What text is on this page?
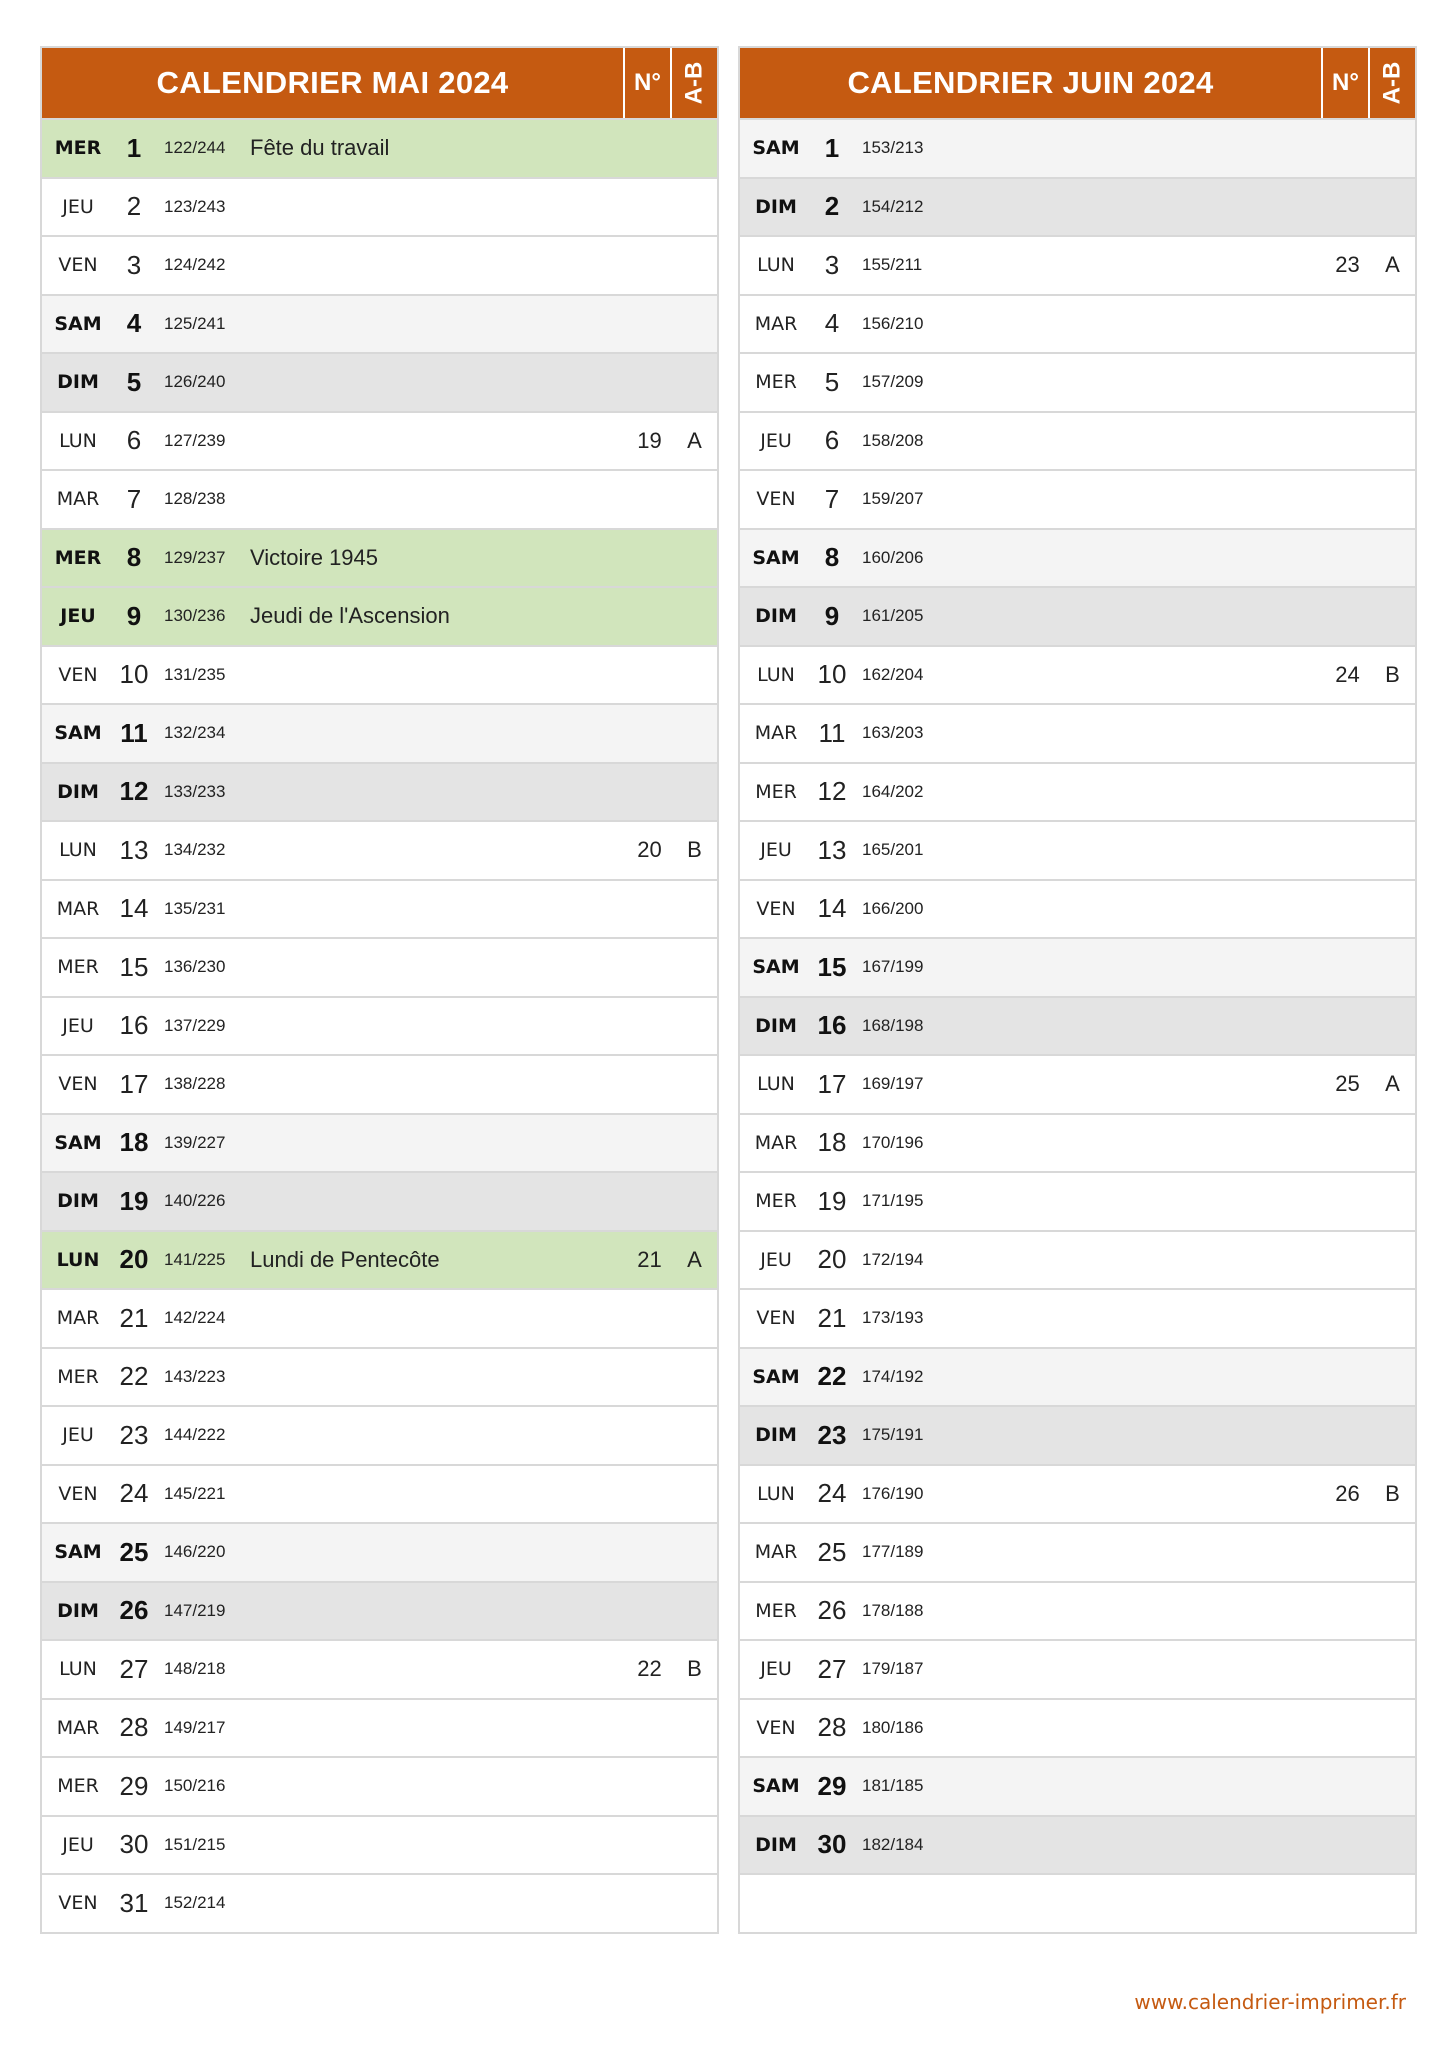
CALENDRIER MAI 2024	N° A-B
MER 1	122/244	Fête du travail
JEU	2	123/243
VEN	3	124/242
SAM 4	125/241
DIM	5	126/240
LUN	6	127/239	19	A
MAR	7	128/238
MER 8	129/237	Victoire 1945
JEU	9	130/236	Jeudi de l'Ascension
VEN 10 131/235
SAM 11 132/234
DIM 12 133/233
LUN 13 134/232	20	B
MAR 14 135/231
MER 15 136/230
JEU 16 137/229
VEN 17 138/228
SAM 18 139/227
DIM 19 140/226
LUN 20 141/225	Lundi de Pentecôte	21	A
MAR 21 142/224
MER 22 143/223
JEU 23 144/222
VEN 24 145/221
SAM 25 146/220
DIM 26 147/219
LUN 27 148/218	22	B
MAR 28 149/217
MER 29 150/216
JEU 30 151/215
VEN 31 152/214
CALENDRIER JUIN 2024	N° A-B
SAM 1	153/213
DIM	2	154/212
LUN	3	155/211	23	A
MAR	4	156/210
MER	5	157/209
JEU	6	158/208
VEN	7	159/207
SAM 8	160/206
DIM	9	161/205
LUN 10 162/204	24	B
MAR 11 163/203
MER 12 164/202
JEU 13 165/201
VEN 14 166/200
SAM 15 167/199
DIM 16 168/198
LUN 17 169/197	25	A
MAR 18 170/196
MER 19 171/195
JEU 20 172/194
VEN 21 173/193
SAM 22 174/192
DIM 23 175/191
LUN 24 176/190	26	B
MAR 25 177/189
MER 26 178/188
JEU 27 179/187
VEN 28 180/186
SAM 29 181/185
DIM 30 182/184
www.calendrier-imprimer.fr
